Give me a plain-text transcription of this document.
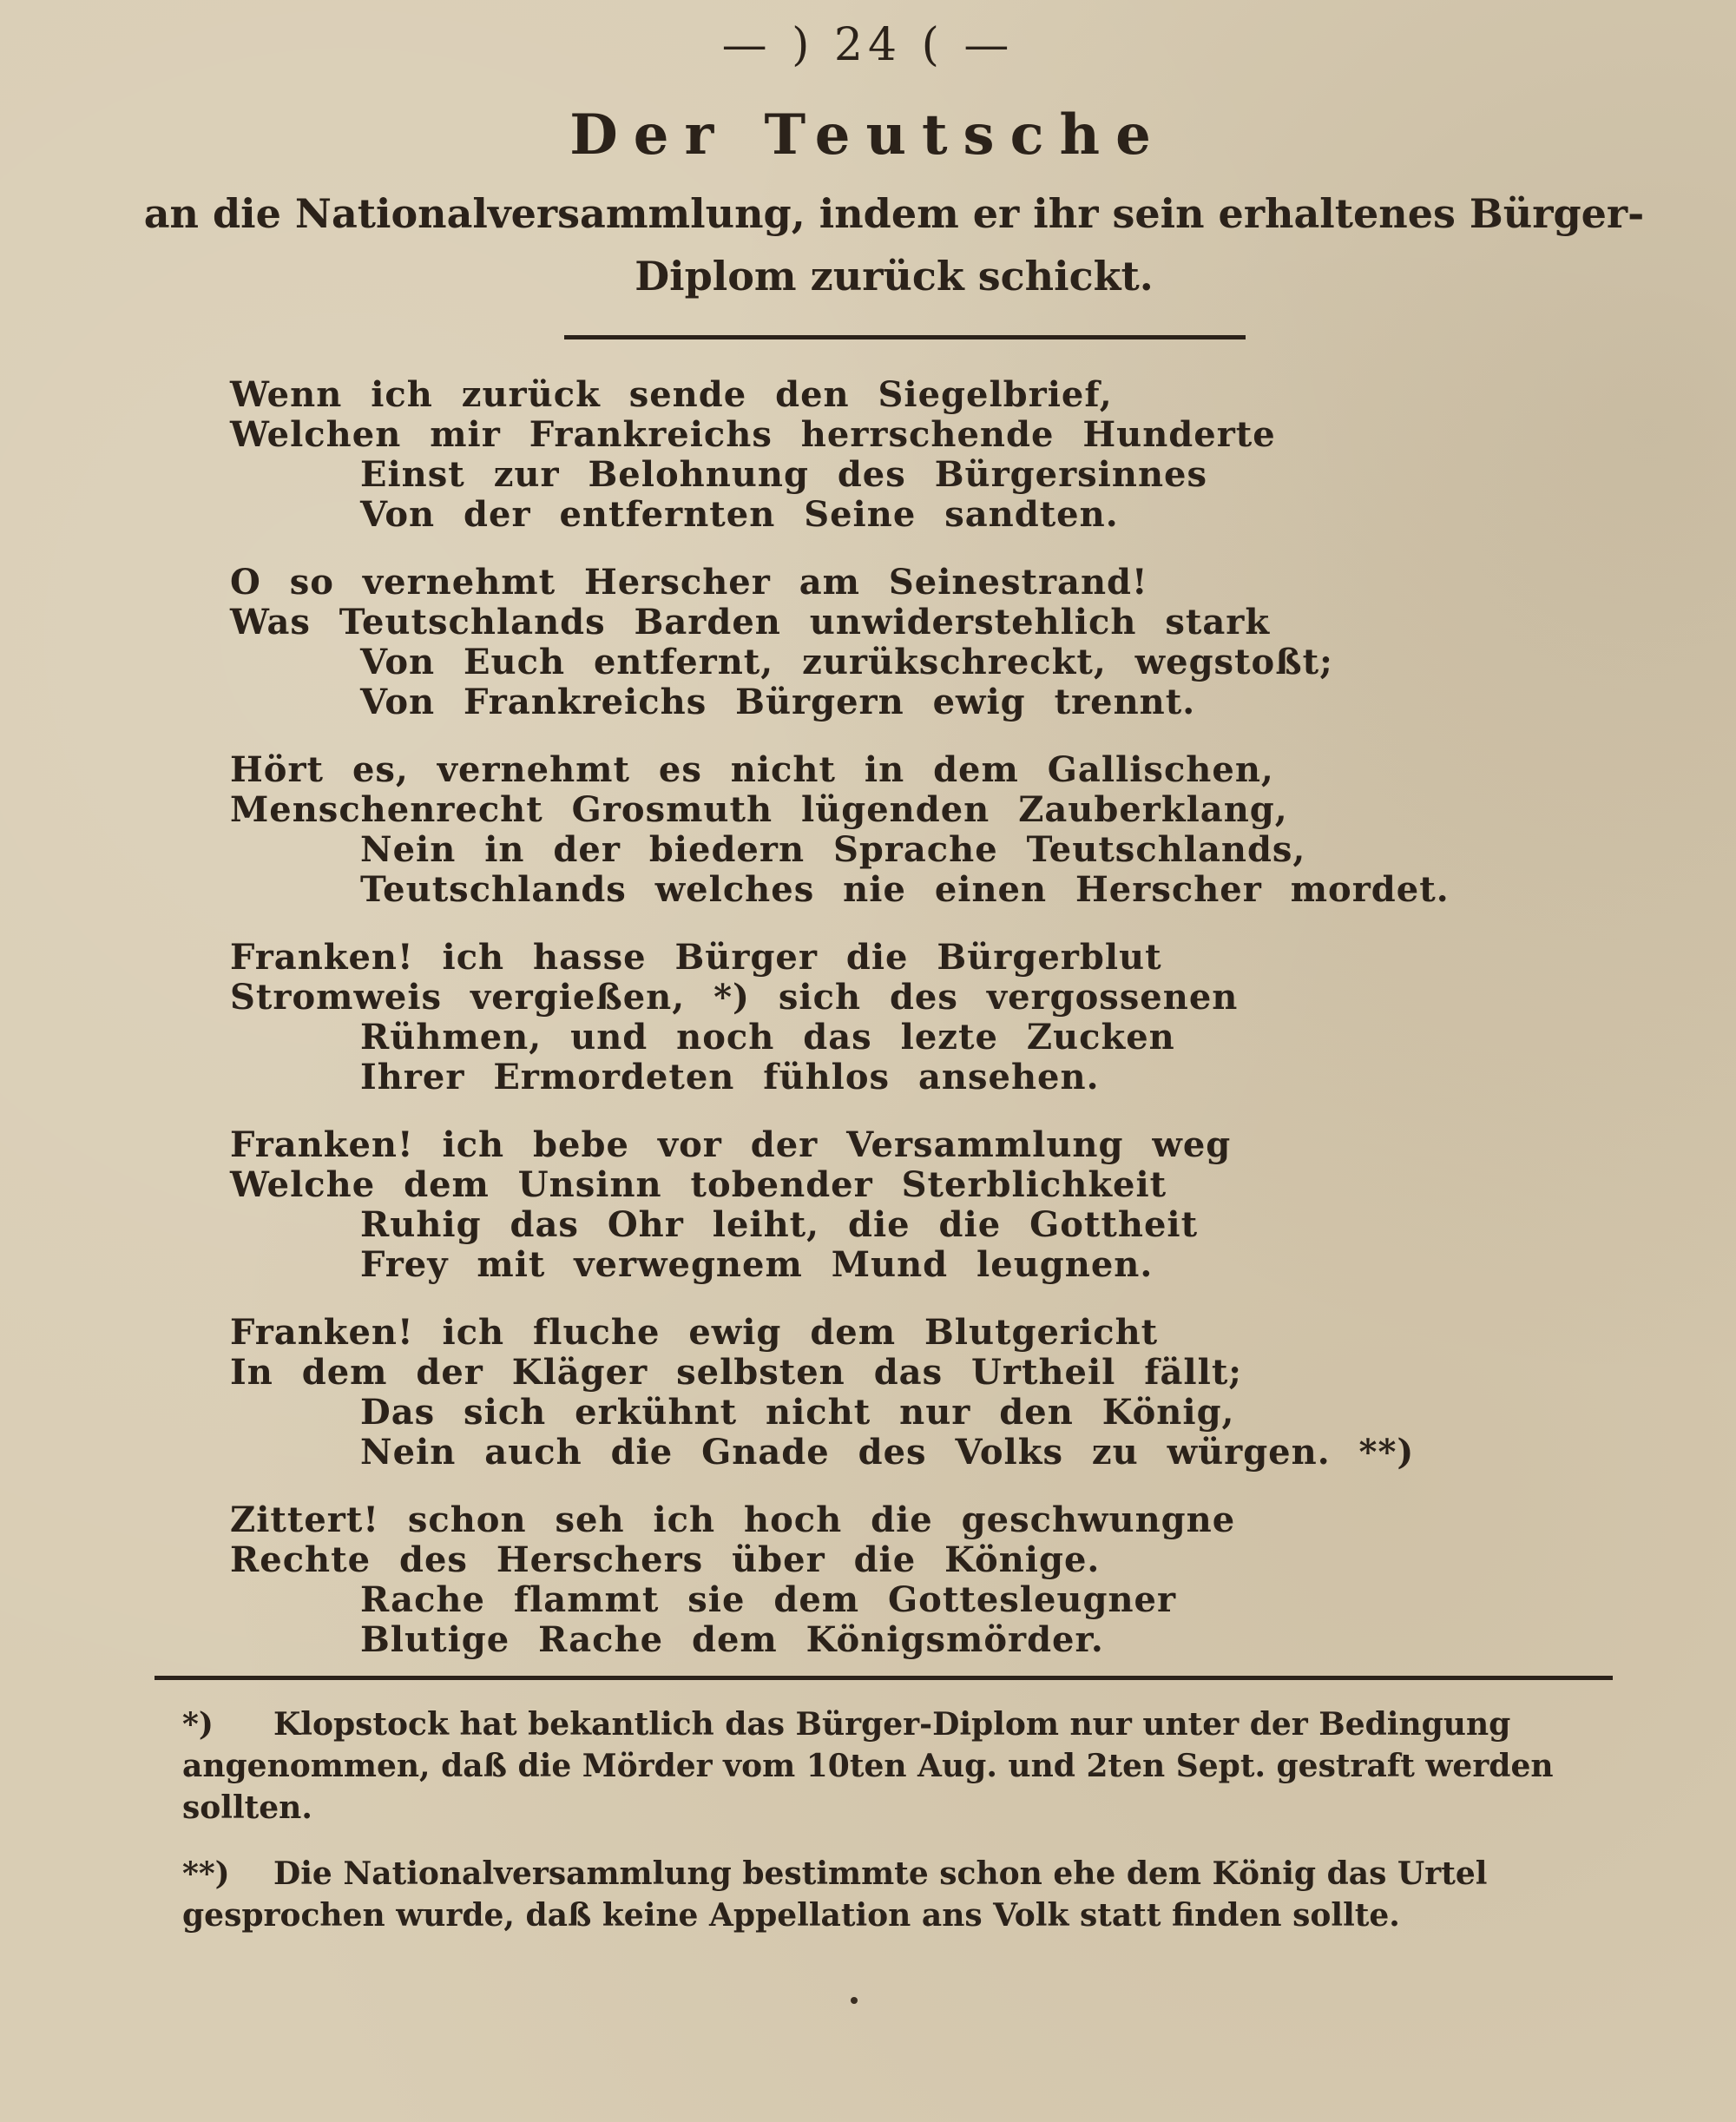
— ) 24 ( —
Der Teutsche
an die Nationalversammlung, indem er ihr sein erhaltenes Bürger-Diplom zurück schickt.
Wenn ich zurück sende den Siegelbrief,
Welchen mir Frankreichs herrschende Hunderte
Einst zur Belohnung des Bürgersinnes
Von der entfernten Seine sandten.
O so vernehmt Herscher am Seinestrand!
Was Teutschlands Barden unwiderstehlich stark
Von Euch entfernt, zurükschreckt, wegstoßt;
Von Frankreichs Bürgern ewig trennt.
Hört es, vernehmt es nicht in dem Gallischen,
Menschenrecht Grosmuth lügenden Zauberklang,
Nein in der biedern Sprache Teutschlands,
Teutschlands welches nie einen Herscher mordet.
Franken! ich hasse Bürger die Bürgerblut
Stromweis vergießen, *) sich des vergossenen
Rühmen, und noch das lezte Zucken
Ihrer Ermordeten fühlos ansehen.
Franken! ich bebe vor der Versammlung weg
Welche dem Unsinn tobender Sterblichkeit
Ruhig das Ohr leiht, die die Gottheit
Frey mit verwegnem Mund leugnen.
Franken! ich fluche ewig dem Blutgericht
In dem der Kläger selbsten das Urtheil fällt;
Das sich erkühnt nicht nur den König,
Nein auch die Gnade des Volks zu würgen. **)
Zittert! schon seh ich hoch die geschwungne
Rechte des Herschers über die Könige.
Rache flammt sie dem Gottesleugner
Blutige Rache dem Königsmörder.
*) Klopstock hat bekantlich das Bürger-Diplom nur unter der Bedingung angenommen, daß die Mörder vom 10ten Aug. und 2ten Sept. gestraft werden sollten.
**) Die Nationalversammlung bestimmte schon ehe dem König das Urtel gesprochen wurde, daß keine Appellation ans Volk statt finden sollte.
